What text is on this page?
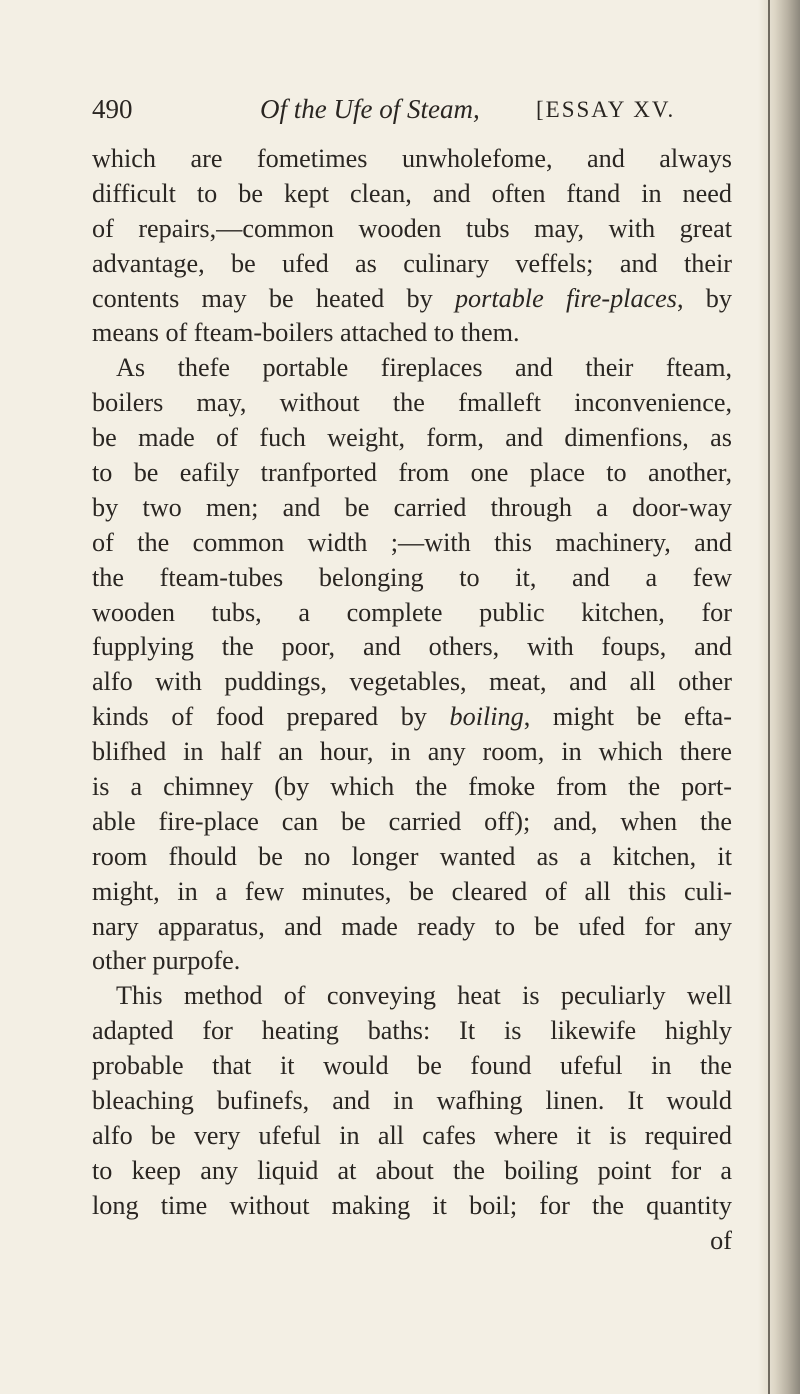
490	Of the Ufe of Steam, [ESSAY XV.
which are fometimes unwholefome, and always
difficult to be kept clean, and often ftand in need
of repairs,—common wooden tubs may, with great
advantage, be ufed as culinary veffels; and their
contents may be heated by portable fire-places, by
means of fteam-boilers attached to them.
As thefe portable fireplaces and their fteam,
boilers may, without the fmalleft inconvenience,
be made of fuch weight, form, and dimenfions, as
to be eafily tranfported from one place to another,
by two men; and be carried through a door-way
of the common width ;—with this machinery, and
the fteam-tubes belonging to it, and a few
wooden tubs, a complete public kitchen, for
fupplying the poor, and others, with foups, and
alfo with puddings, vegetables, meat, and all other
kinds of food prepared by boiling, might be efta-
blifhed in half an hour, in any room, in which there
is a chimney (by which the fmoke from the port-
able fire-place can be carried off); and, when the
room fhould be no longer wanted as a kitchen, it
might, in a few minutes, be cleared of all this culi-
nary apparatus, and made ready to be ufed for any
other purpofe.
This method of conveying heat is peculiarly well
adapted for heating baths: It is likewife highly
probable that it would be found ufeful in the
bleaching bufinefs, and in wafhing linen. It would
alfo be very ufeful in all cafes where it is required
to keep any liquid at about the boiling point for a
long time without making it boil; for the quantity
of
